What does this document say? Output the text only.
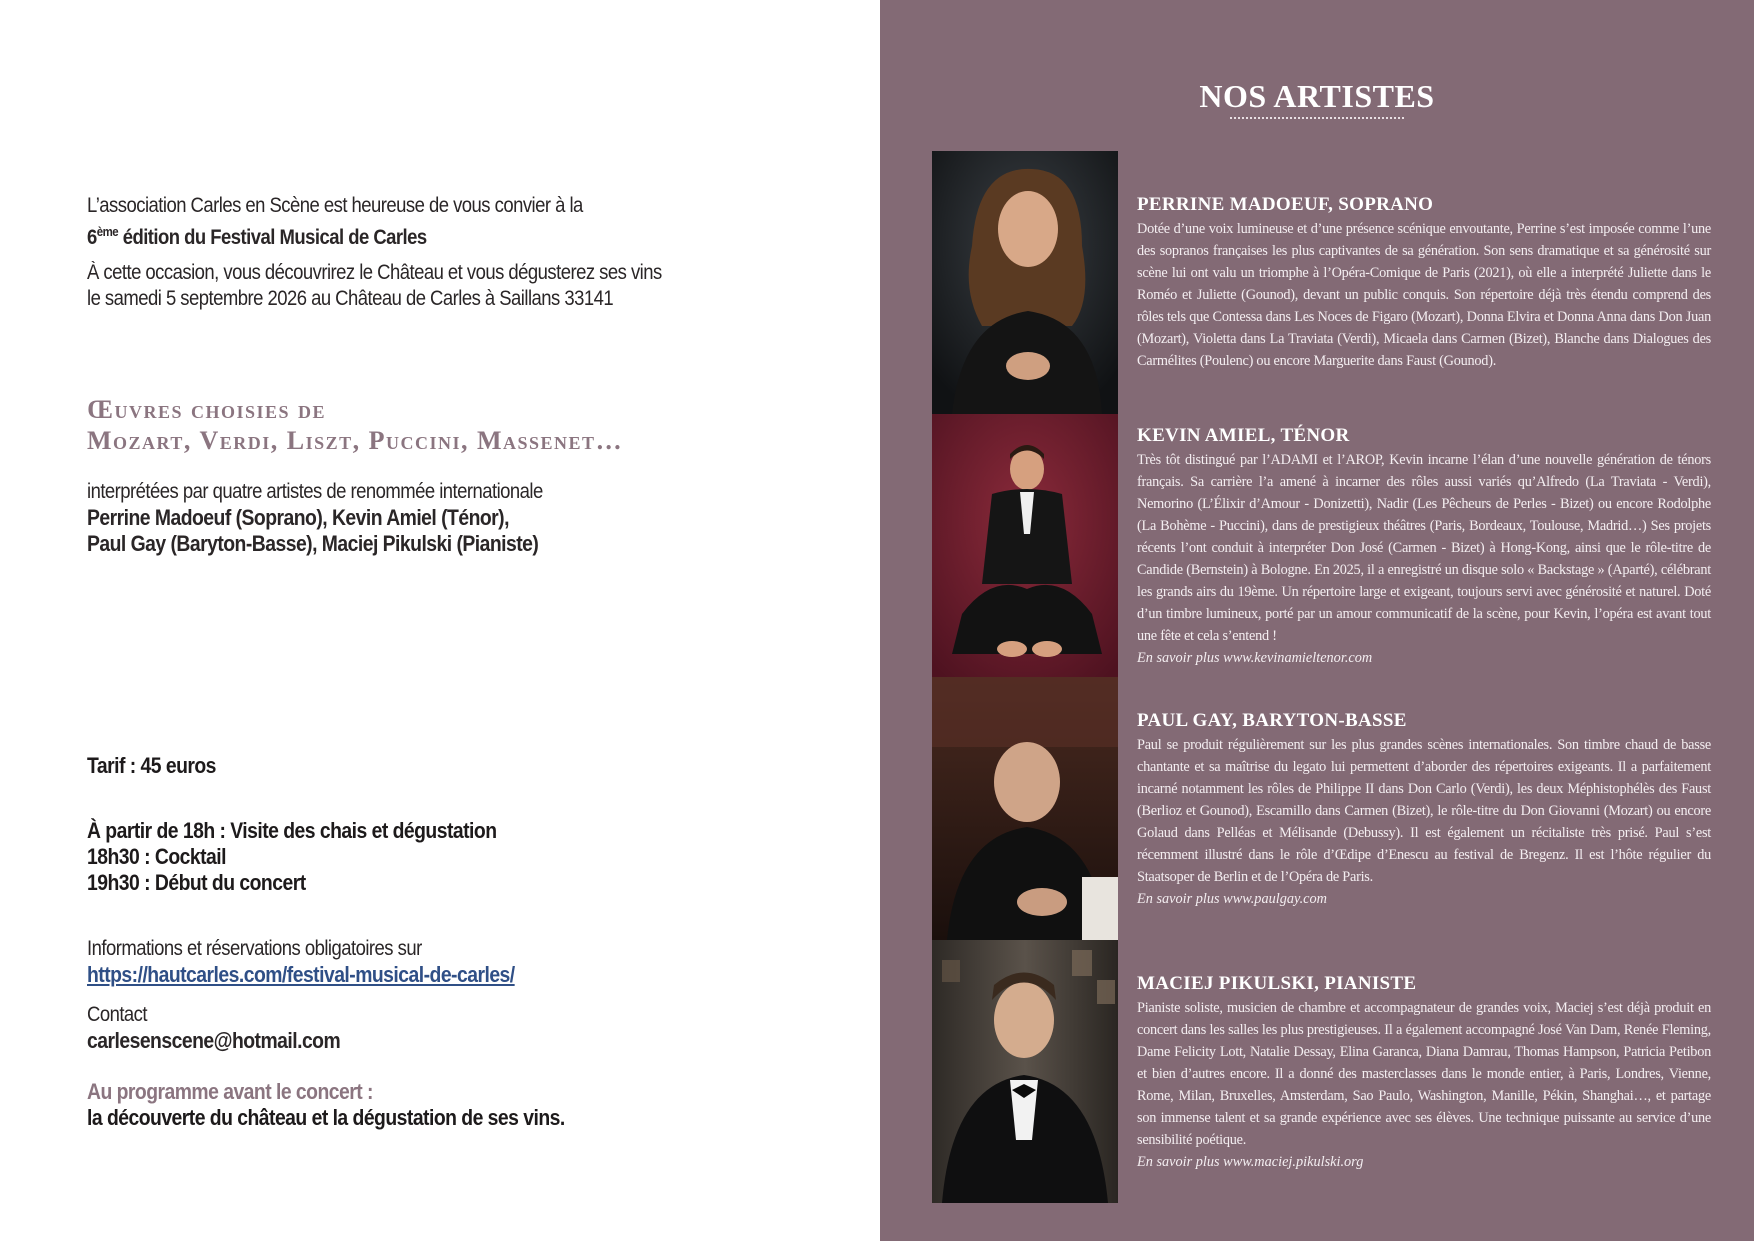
L’association Carles en Scène est heureuse de vous convier à la
6ème édition du Festival Musical de Carles
À cette occasion, vous découvrirez le Château et vous dégusterez ses vins
le samedi 5 septembre 2026 au Château de Carles à Saillans 33141
Œuvres choisies de
Mozart, Verdi, Liszt, Puccini, Massenet…
interprétées par quatre artistes de renommée internationale
Perrine Madoeuf (Soprano), Kevin Amiel (Ténor),
Paul Gay (Baryton-Basse), Maciej Pikulski (Pianiste)
Tarif : 45 euros
À partir de 18h : Visite des chais et dégustation
18h30 : Cocktail
19h30 : Début du concert
Informations et réservations obligatoires sur
https://hautcarles.com/festival-musical-de-carles/
Contact
carlesenscene@hotmail.com
Au programme avant le concert :
la découverte du château et la dégustation de ses vins.
NOS ARTISTES
PERRINE MADOEUF, SOPRANO
Dotée d’une voix lumineuse et d’une présence scénique envoutante, Perrine s’est imposée comme l’une des sopranos françaises les plus captivantes de sa génération. Son sens dramatique et sa générosité sur scène lui ont valu un triomphe à l’Opéra-Comique de Paris (2021), où elle a interprété Juliette dans le Roméo et Juliette (Gounod), devant un public conquis. Son répertoire déjà très étendu comprend des rôles tels que Contessa dans Les Noces de Figaro (Mozart), Donna Elvira et Donna Anna dans Don Juan (Mozart), Violetta dans La Traviata (Verdi), Micaela dans Carmen (Bizet), Blanche dans Dialogues des Carmélites (Poulenc) ou encore Marguerite dans Faust (Gounod).
KEVIN AMIEL, TÉNOR
Très tôt distingué par l’ADAMI et l’AROP, Kevin incarne l’élan d’une nouvelle génération de ténors français. Sa carrière l’a amené à incarner des rôles aussi variés qu’Alfredo (La Traviata - Verdi), Nemorino (L’Élixir d’Amour - Donizetti), Nadir (Les Pêcheurs de Perles - Bizet) ou encore Rodolphe (La Bohème - Puccini), dans de prestigieux théâtres (Paris, Bordeaux, Toulouse, Madrid…) Ses projets récents l’ont conduit à interpréter Don José (Carmen - Bizet) à Hong-Kong, ainsi que le rôle-titre de Candide (Bernstein) à Bologne. En 2025, il a enregistré un disque solo « Backstage » (Aparté), célébrant les grands airs du 19ème. Un répertoire large et exigeant, toujours servi avec générosité et naturel. Doté d’un timbre lumineux, porté par un amour communicatif de la scène, pour Kevin, l’opéra est avant tout une fête et cela s’entend !
En savoir plus www.kevinamieltenor.com
PAUL GAY, BARYTON-BASSE
Paul se produit régulièrement sur les plus grandes scènes internationales. Son timbre chaud de basse chantante et sa maîtrise du legato lui permettent d’aborder des répertoires exigeants. Il a parfaitement incarné notamment les rôles de Philippe II dans Don Carlo (Verdi), les deux Méphistophélès des Faust (Berlioz et Gounod), Escamillo dans Carmen (Bizet), le rôle-titre du Don Giovanni (Mozart) ou encore Golaud dans Pelléas et Mélisande (Debussy). Il est également un récitaliste très prisé. Paul s’est récemment illustré dans le rôle d’Œdipe d’Enescu au festival de Bregenz. Il est l’hôte régulier du Staatsoper de Berlin et de l’Opéra de Paris.
En savoir plus www.paulgay.com
MACIEJ PIKULSKI, PIANISTE
Pianiste soliste, musicien de chambre et accompagnateur de grandes voix, Maciej s’est déjà produit en concert dans les salles les plus prestigieuses. Il a également accompagné José Van Dam, Renée Fleming, Dame Felicity Lott, Natalie Dessay, Elina Garanca, Diana Damrau, Thomas Hampson, Patricia Petibon et bien d’autres encore. Il a donné des masterclasses dans le monde entier, à Paris, Londres, Vienne, Rome, Milan, Bruxelles, Amsterdam, Sao Paulo, Washington, Manille, Pékin, Shanghai…, et partage son immense talent et sa grande expérience avec ses élèves. Une technique puissante au service d’une sensibilité poétique.
En savoir plus www.maciej.pikulski.org
